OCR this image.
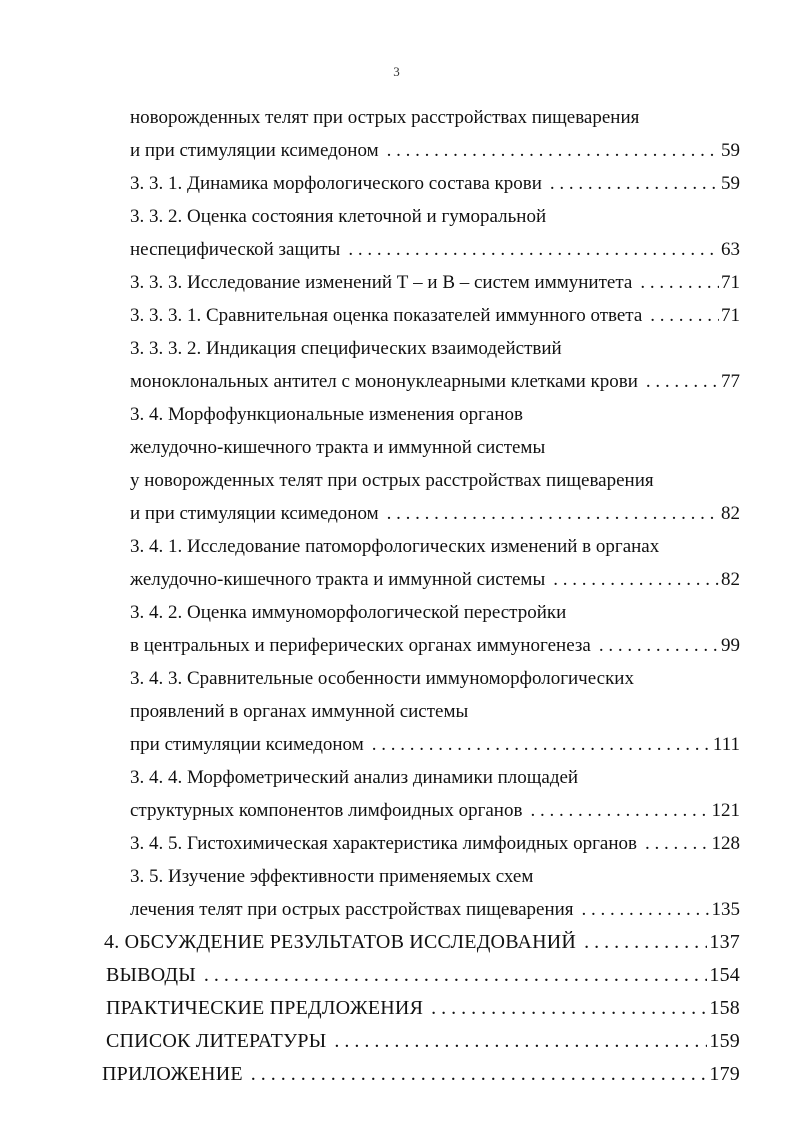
3
новорожденных телят при острых расстройствах пищеварения
и при стимуляции ксимедоном . . .	59
3. 3. 1. Динамика морфологического состава крови . . .	59
3. 3. 2. Оценка состояния клеточной и гуморальной
неспецифической защиты . . .	63
3. 3. 3. Исследование изменений Т – и В – систем иммунитета . . .	71
3. 3. 3. 1. Сравнительная оценка показателей иммунного ответа . . .	71
3. 3. 3. 2. Индикация специфических взаимодействий
моноклональных антител с мононуклеарными клетками крови . . .	77
3. 4. Морфофункциональные изменения органов
желудочно-кишечного тракта и иммунной системы
у новорожденных телят при острых расстройствах пищеварения
и при стимуляции ксимедоном . . .	82
3. 4. 1. Исследование патоморфологических изменений в органах
желудочно-кишечного тракта и иммунной системы . . .	82
3. 4. 2. Оценка иммуноморфологической перестройки
в центральных и периферических органах иммуногенеза . . .	99
3. 4. 3. Сравнительные особенности иммуноморфологических
проявлений в органах иммунной системы
при стимуляции ксимедоном . . .	111
3. 4. 4. Морфометрический анализ динамики площадей
структурных компонентов лимфоидных органов . . .	121
3. 4. 5. Гистохимическая характеристика лимфоидных органов . . .	128
3. 5. Изучение эффективности применяемых схем
лечения телят при острых расстройствах пищеварения . . .	135
4. ОБСУЖДЕНИЕ РЕЗУЛЬТАТОВ ИССЛЕДОВАНИЙ . . .	137
ВЫВОДЫ . . .	154
ПРАКТИЧЕСКИЕ ПРЕДЛОЖЕНИЯ . . .	158
СПИСОК ЛИТЕРАТУРЫ . . .	159
ПРИЛОЖЕНИЕ . . .	179
